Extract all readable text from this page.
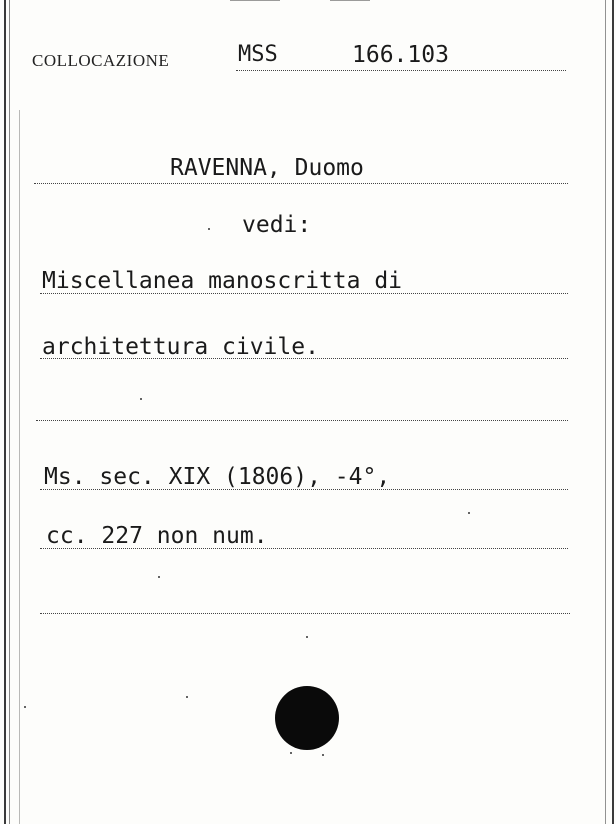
COLLOCAZIONE	MSS	166.103
RAVENNA, Duomo
vedi:
Miscellanea manoscritta di
architettura civile.
Ms. sec. XIX (1806), -4°,
cc. 227 non num.
